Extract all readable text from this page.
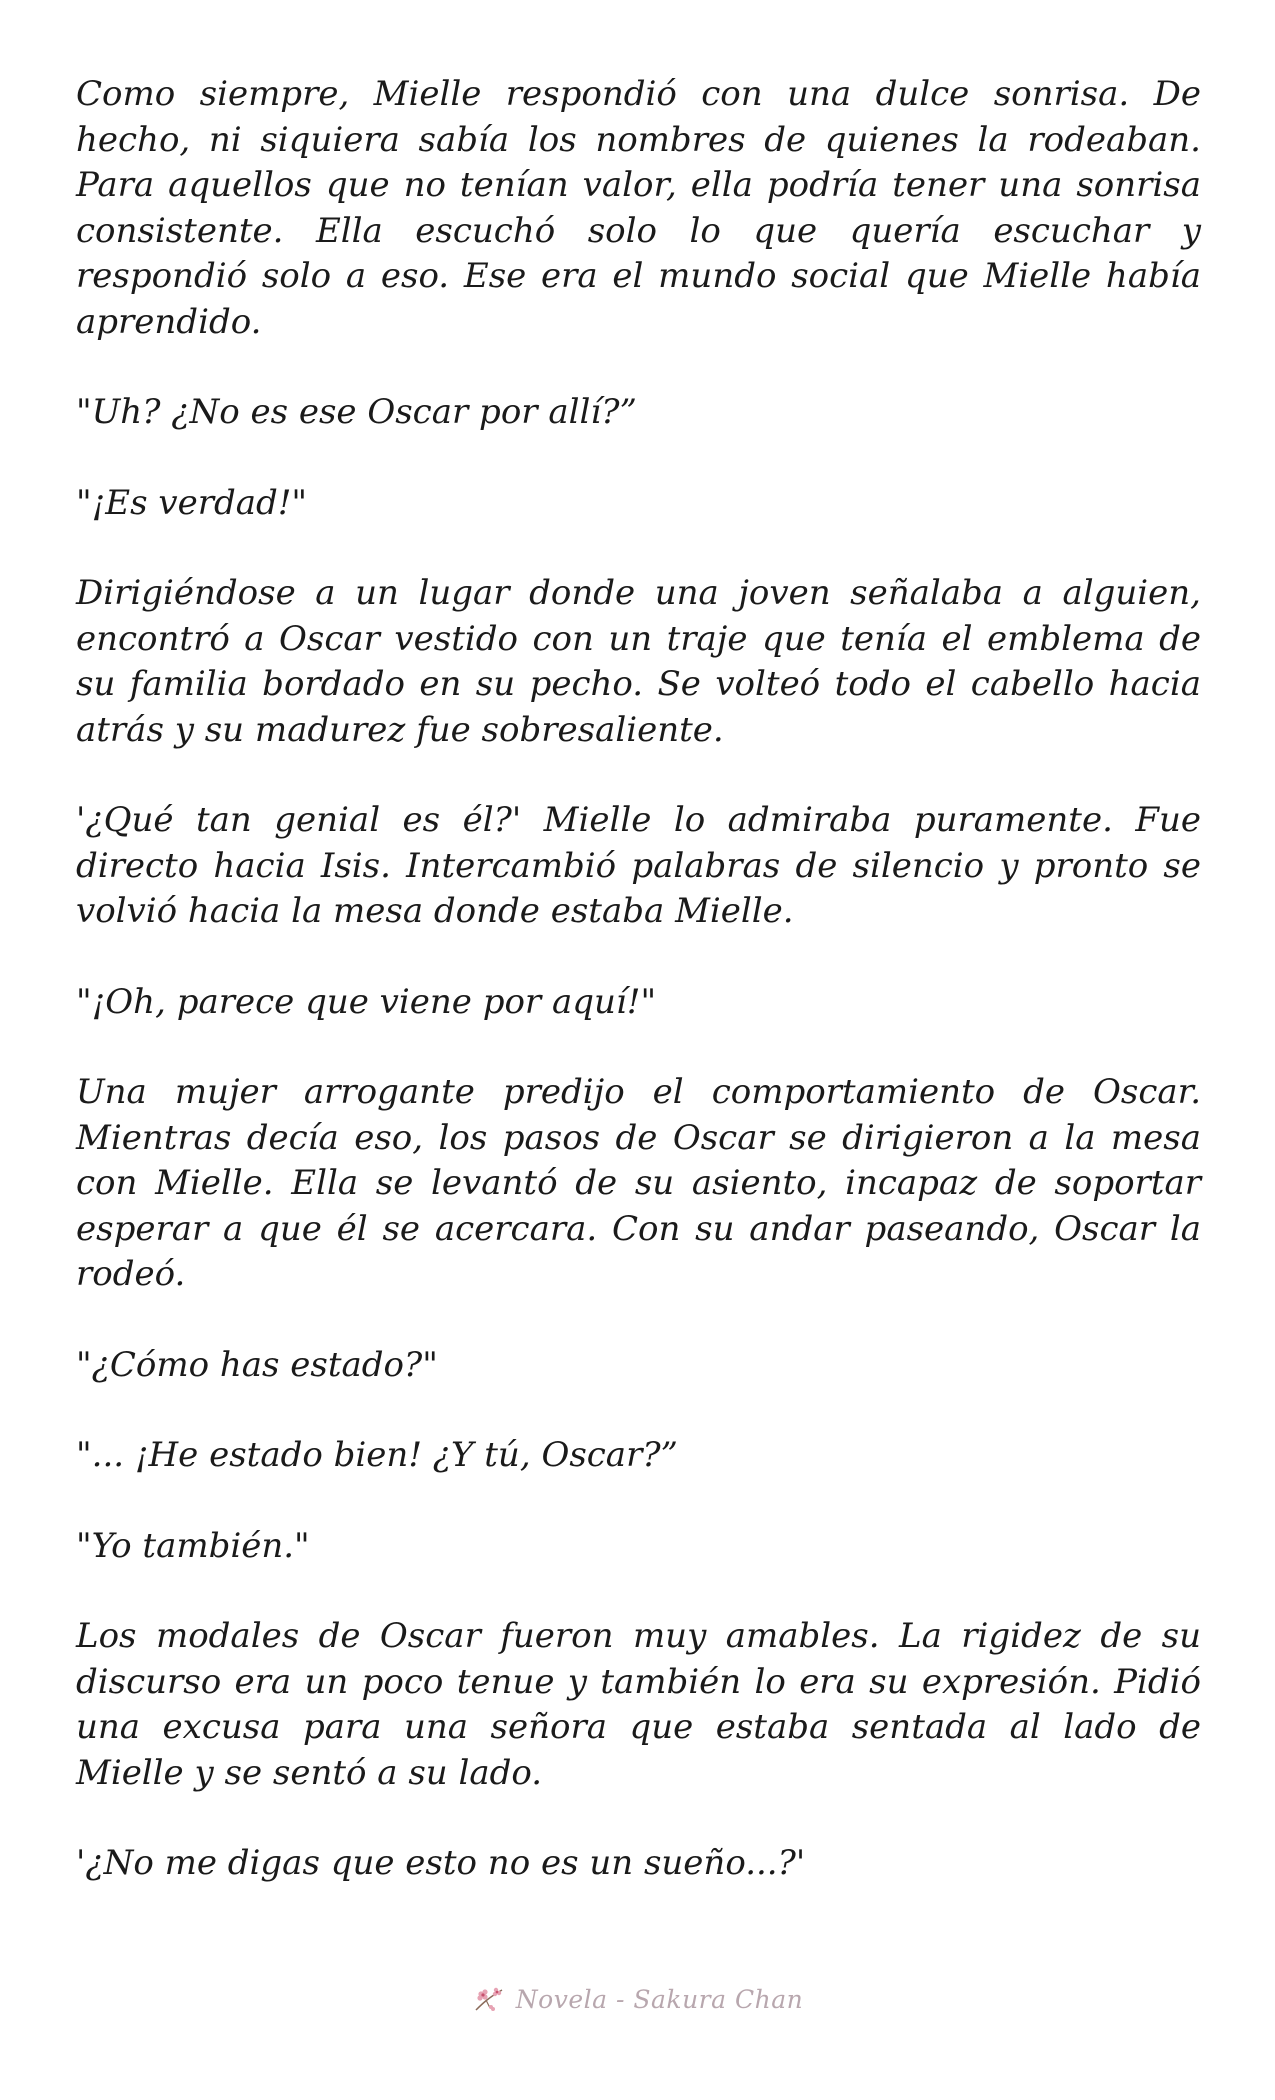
Como siempre, Mielle respondió con una dulce sonrisa. De hecho, ni siquiera sabía los nombres de quienes la rodeaban. Para aquellos que no tenían valor, ella podría tener una sonrisa consistente. Ella escuchó solo lo que quería escuchar y respondió solo a eso. Ese era el mundo social que Mielle había aprendido.

"Uh? ¿No es ese Oscar por allí?”

"¡Es verdad!"

Dirigiéndose a un lugar donde una joven señalaba a alguien, encontró a Oscar vestido con un traje que tenía el emblema de su familia bordado en su pecho. Se volteó todo el cabello hacia atrás y su madurez fue sobresaliente.

'¿Qué tan genial es él?' Mielle lo admiraba puramente. Fue directo hacia Isis. Intercambió palabras de silencio y pronto se volvió hacia la mesa donde estaba Mielle.

"¡Oh, parece que viene por aquí!"

Una mujer arrogante predijo el comportamiento de Oscar. Mientras decía eso, los pasos de Oscar se dirigieron a la mesa con Mielle. Ella se levantó de su asiento, incapaz de soportar esperar a que él se acercara. Con su andar paseando, Oscar la rodeó.

"¿Cómo has estado?"

"... ¡He estado bien! ¿Y tú, Oscar?”

"Yo también."

Los modales de Oscar fueron muy amables. La rigidez de su discurso era un poco tenue y también lo era su expresión. Pidió una excusa para una señora que estaba sentada al lado de Mielle y se sentó a su lado.

'¿No me digas que esto no es un sueño...?'

Novela - Sakura Chan
